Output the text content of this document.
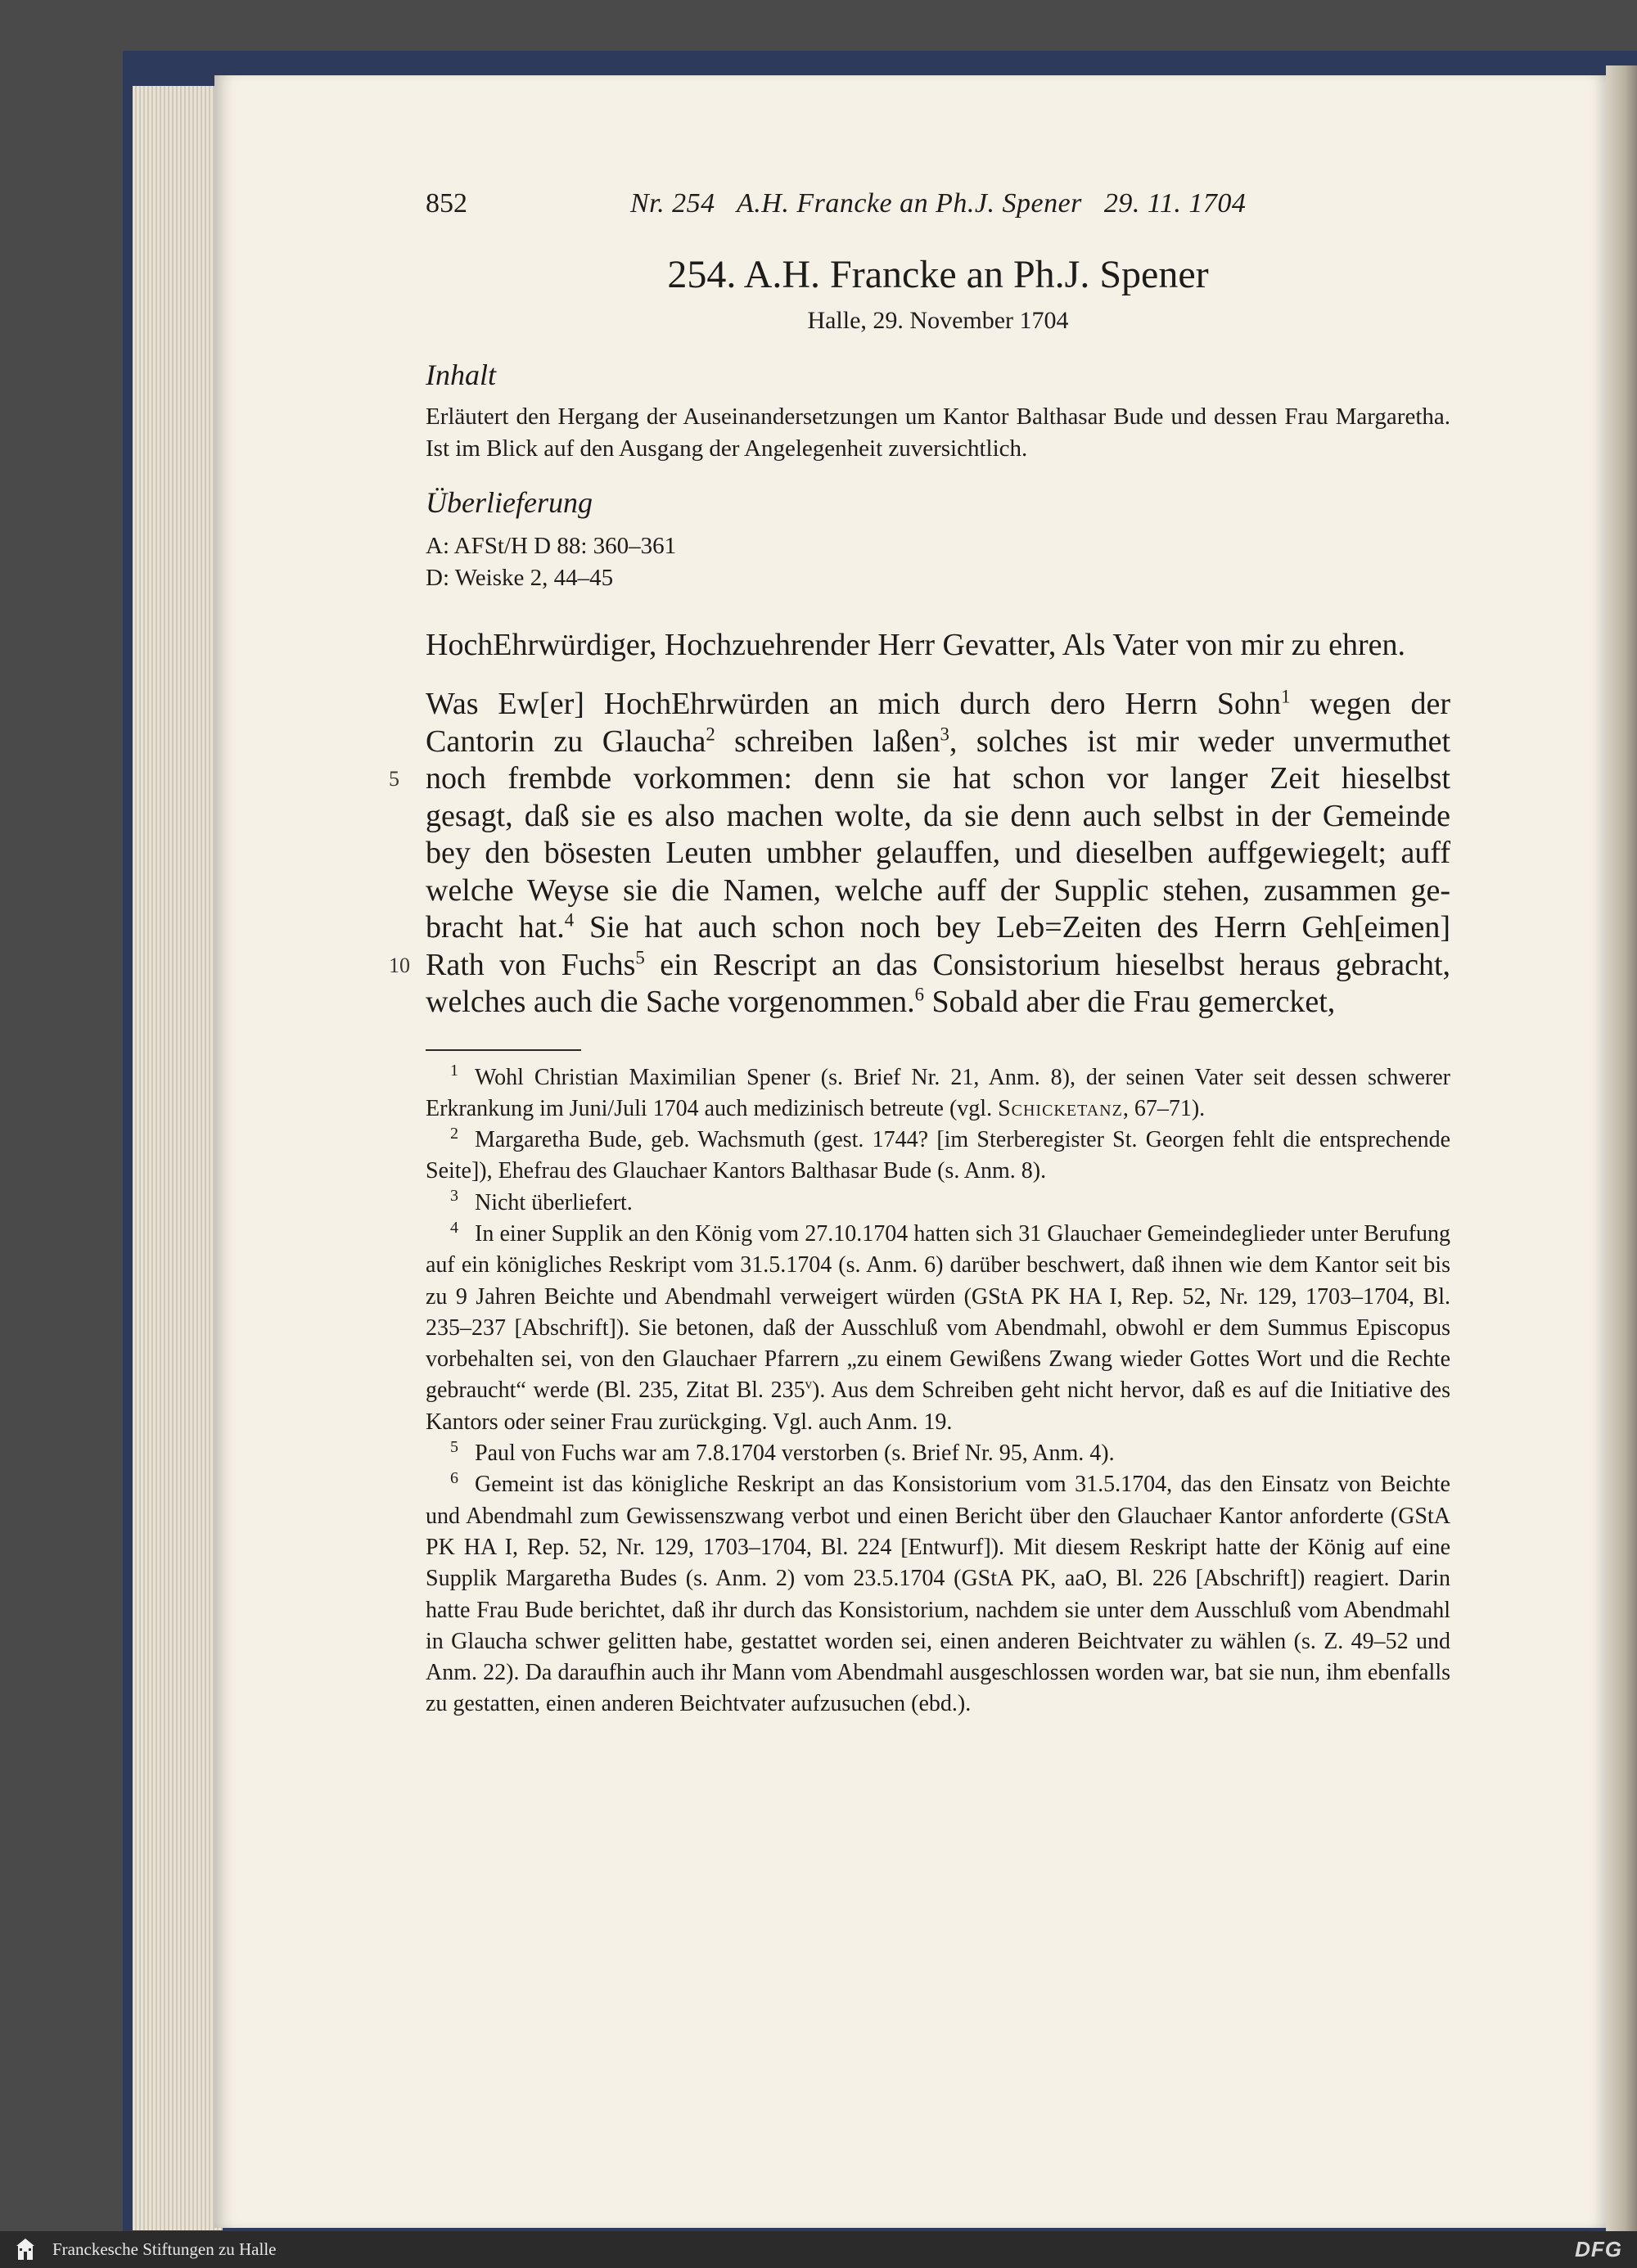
852	Nr. 254   A.H. Francke an Ph.J. Spener   29. 11. 1704
254. A.H. Francke an Ph.J. Spener
Halle, 29. November 1704
Inhalt
Erläutert den Hergang der Auseinandersetzungen um Kantor Balthasar Bude und dessen Frau Margaretha. Ist im Blick auf den Ausgang der Angelegenheit zuversichtlich.
Überlieferung
A: AFSt/H D 88: 360–361
D: Weiske 2, 44–45
HochEhrwürdiger, Hochzuehrender Herr Gevatter, Als Vater von mir zu ehren.
Was Ew[er] HochEhrwürden an mich durch dero Herrn Sohn$^1$ wegen der
Cantorin zu Glaucha$^2$ schreiben laßen$^3$, solches ist mir weder unvermuthet
5 noch frembde vorkommen: denn sie hat schon vor langer Zeit hieselbst
gesagt, daß sie es also machen wolte, da sie denn auch selbst in der Gemeinde
bey den bösesten Leuten umbher gelauffen, und dieselben auffgewiegelt; auff
welche Weyse sie die Namen, welche auff der Supplic stehen, zusammen ge-
bracht hat.$^4$ Sie hat auch schon noch bey Leb=Zeiten des Herrn Geh[eimen]
10 Rath von Fuchs$^5$ ein Rescript an das Consistorium hieselbst heraus gebracht,
welches auch die Sache vorgenommen.$^6$ Sobald aber die Frau gemercket,
1 Wohl Christian Maximilian Spener (s. Brief Nr. 21, Anm. 8), der seinen Vater seit dessen schwerer Erkrankung im Juni/Juli 1704 auch medizinisch betreute (vgl. Schicketanz, 67–71).
2 Margaretha Bude, geb. Wachsmuth (gest. 1744? [im Sterberegister St. Georgen fehlt die entsprechende Seite]), Ehefrau des Glauchaer Kantors Balthasar Bude (s. Anm. 8).
3 Nicht überliefert.
4 In einer Supplik an den König vom 27.10.1704 hatten sich 31 Glauchaer Gemeindeglieder unter Berufung auf ein königliches Reskript vom 31.5.1704 (s. Anm. 6) darüber beschwert, daß ihnen wie dem Kantor seit bis zu 9 Jahren Beichte und Abendmahl verweigert würden (GStA PK HA I, Rep. 52, Nr. 129, 1703–1704, Bl. 235–237 [Abschrift]). Sie betonen, daß der Ausschluß vom Abendmahl, obwohl er dem Summus Episcopus vorbehalten sei, von den Glauchaer Pfarrern „zu einem Gewißens Zwang wieder Gottes Wort und die Rechte gebraucht“ werde (Bl. 235, Zitat Bl. 235$^v$). Aus dem Schreiben geht nicht hervor, daß es auf die Initiative des Kantors oder seiner Frau zurückging. Vgl. auch Anm. 19.
5 Paul von Fuchs war am 7.8.1704 verstorben (s. Brief Nr. 95, Anm. 4).
6 Gemeint ist das königliche Reskript an das Konsistorium vom 31.5.1704, das den Einsatz von Beichte und Abendmahl zum Gewissenszwang verbot und einen Bericht über den Glauchaer Kantor anforderte (GStA PK HA I, Rep. 52, Nr. 129, 1703–1704, Bl. 224 [Entwurf]). Mit diesem Reskript hatte der König auf eine Supplik Margaretha Budes (s. Anm. 2) vom 23.5.1704 (GStA PK, aaO, Bl. 226 [Abschrift]) reagiert. Darin hatte Frau Bude berichtet, daß ihr durch das Konsistorium, nachdem sie unter dem Ausschluß vom Abendmahl in Glaucha schwer gelitten habe, gestattet worden sei, einen anderen Beichtvater zu wählen (s. Z. 49–52 und Anm. 22). Da daraufhin auch ihr Mann vom Abendmahl ausgeschlossen worden war, bat sie nun, ihm ebenfalls zu gestatten, einen anderen Beichtvater aufzusuchen (ebd.).
Franckesche Stiftungen zu Halle	DFG
